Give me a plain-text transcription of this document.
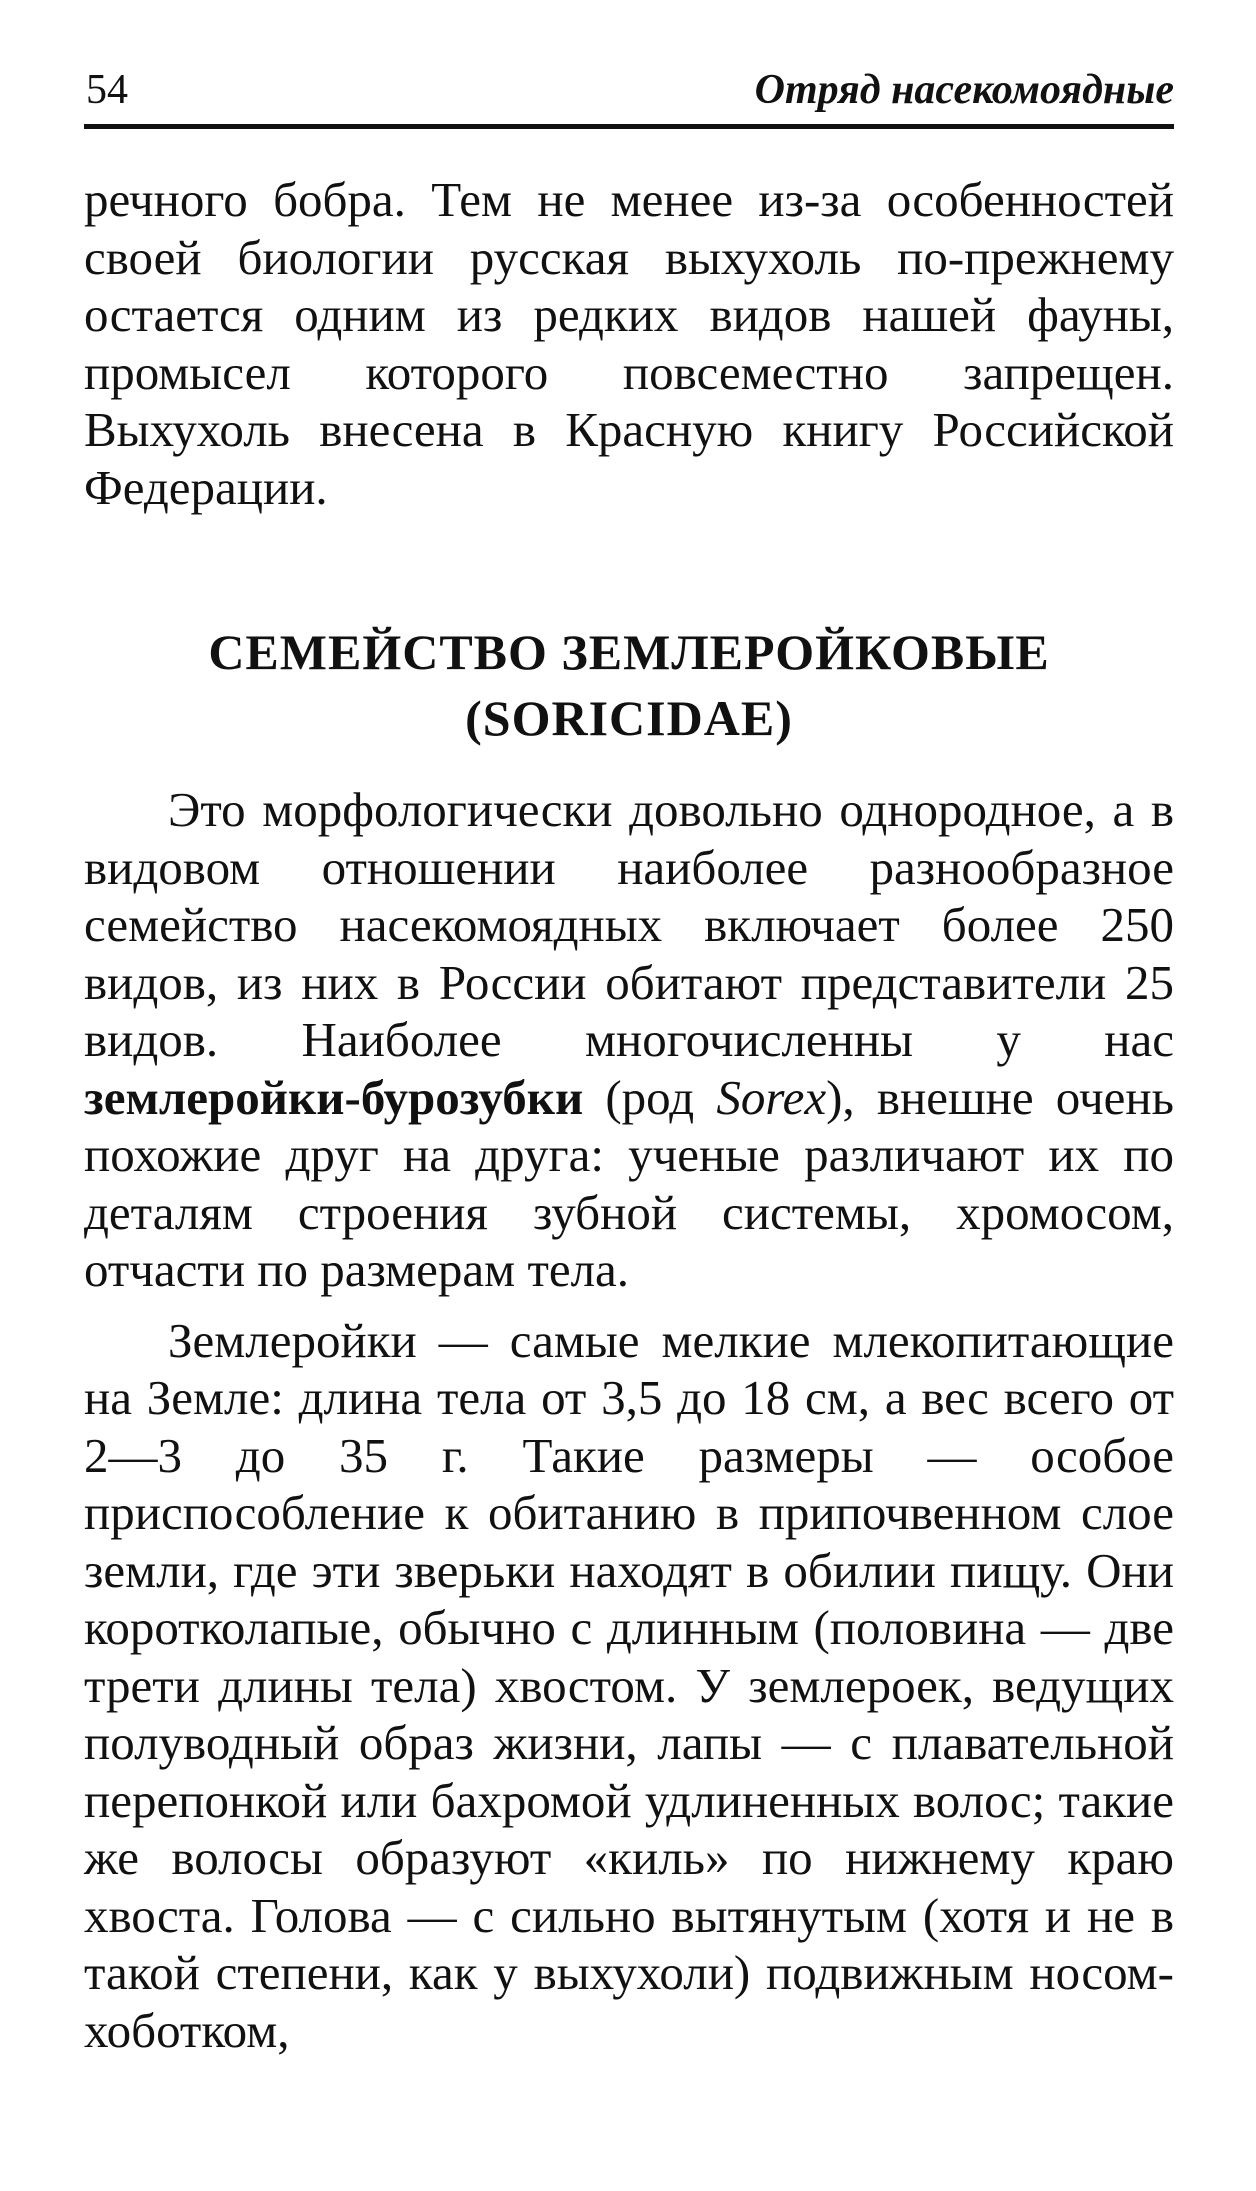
54	Отряд насекомоядные

речного бобра. Тем не менее из-за особенностей своей биологии русская выхухоль по-прежнему остается одним из редких видов нашей фауны, промысел которого повсеместно запрещен. Выхухоль внесена в Красную книгу Российской Федерации.

СЕМЕЙСТВО ЗЕМЛЕРОЙКОВЫЕ
(SORICIDAE)

Это морфологически довольно однородное, а в видовом отношении наиболее разнообразное семейство насекомоядных включает более 250 видов, из них в России обитают представители 25 видов. Наиболее многочисленны у нас землеройки-бурозубки (род Sorex), внешне очень похожие друг на друга: ученые различают их по деталям строения зубной системы, хромосом, отчасти по размерам тела.

Землеройки — самые мелкие млекопитающие на Земле: длина тела от 3,5 до 18 см, а вес всего от 2—3 до 35 г. Такие размеры — особое приспособление к обитанию в припочвенном слое земли, где эти зверьки находят в обилии пищу. Они коротколапые, обычно с длинным (половина — две трети длины тела) хвостом. У землероек, ведущих полуводный образ жизни, лапы — с плавательной перепонкой или бахромой удлиненных волос; такие же волосы образуют «киль» по нижнему краю хвоста. Голова — с сильно вытянутым (хотя и не в такой степени, как у выхухоли) подвижным носом-хоботком,
